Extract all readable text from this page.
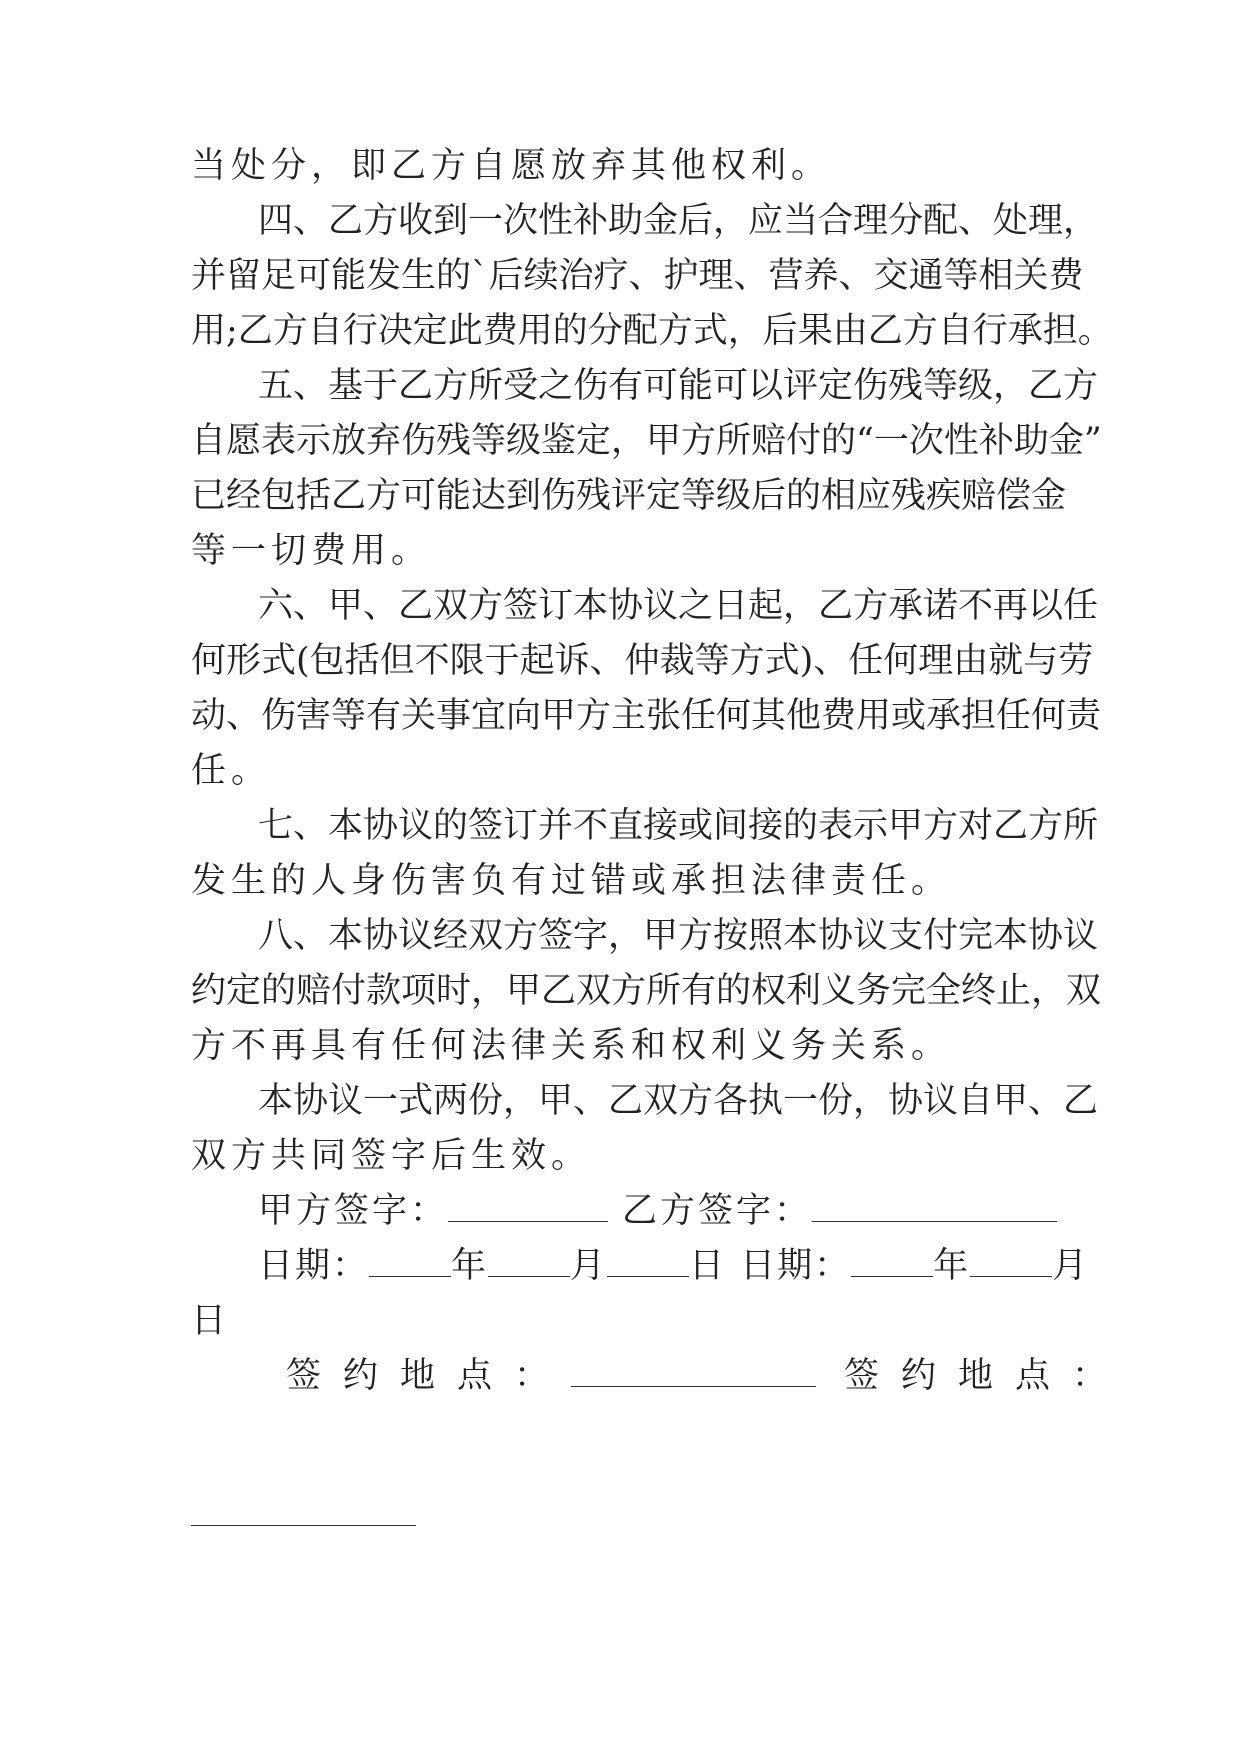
当处分，即乙方自愿放弃其他权利。
四、乙方收到一次性补助金后，应当合理分配、处理，
并留足可能发生的`后续治疗、护理、营养、交通等相关费
用;乙方自行决定此费用的分配方式，后果由乙方自行承担。
五、基于乙方所受之伤有可能可以评定伤残等级，乙方
自愿表示放弃伤残等级鉴定，甲方所赔付的“一次性补助金”
已经包括乙方可能达到伤残评定等级后的相应残疾赔偿金
等一切费用。
六、甲、乙双方签订本协议之日起，乙方承诺不再以任
何形式(包括但不限于起诉、仲裁等方式)、任何理由就与劳
动、伤害等有关事宜向甲方主张任何其他费用或承担任何责
任。
七、本协议的签订并不直接或间接的表示甲方对乙方所
发生的人身伤害负有过错或承担法律责任。
八、本协议经双方签字，甲方按照本协议支付完本协议
约定的赔付款项时，甲乙双方所有的权利义务完全终止，双
方不再具有任何法律关系和权利义务关系。
本协议一式两份，甲、乙双方各执一份，协议自甲、乙
双方共同签字后生效。
甲方签字：	乙方签字：
日期： 年 月 日 日期： 年 月
日
签约地点：	签约地点：
